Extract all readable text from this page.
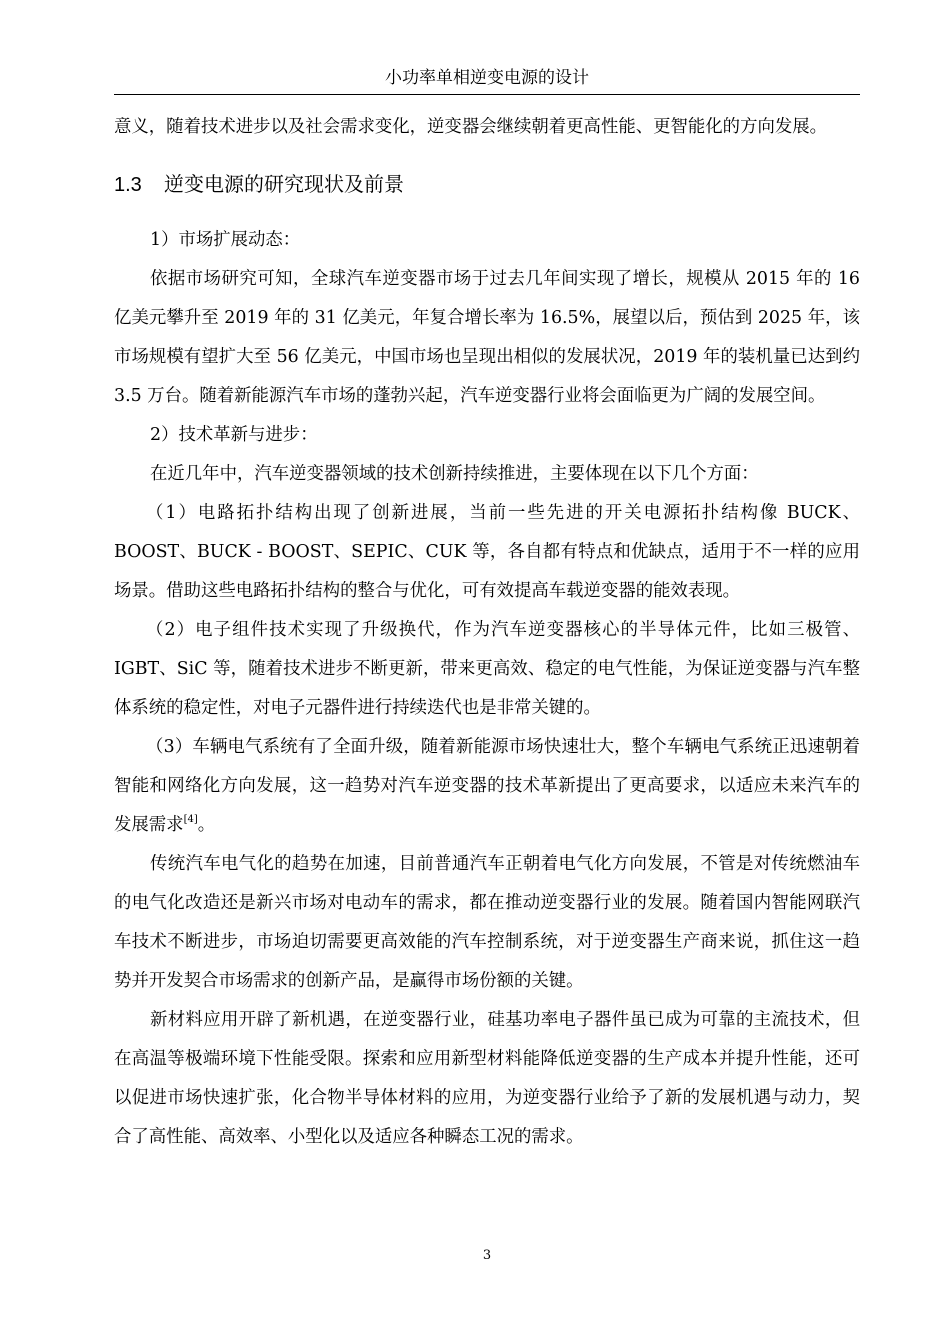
小功率单相逆变电源的设计

意义，随着技术进步以及社会需求变化，逆变器会继续朝着更高性能、更智能化的方向发展。

1.3 逆变电源的研究现状及前景

1）市场扩展动态：

依据市场研究可知，全球汽车逆变器市场于过去几年间实现了增长，规模从 2015 年的 16 亿美元攀升至 2019 年的 31 亿美元，年复合增长率为 16.5%，展望以后，预估到 2025 年，该市场规模有望扩大至 56 亿美元，中国市场也呈现出相似的发展状况，2019 年的装机量已达到约 3.5 万台。随着新能源汽车市场的蓬勃兴起，汽车逆变器行业将会面临更为广阔的发展空间。

2）技术革新与进步：

在近几年中，汽车逆变器领域的技术创新持续推进，主要体现在以下几个方面：

（1）电路拓扑结构出现了创新进展，当前一些先进的开关电源拓扑结构像 BUCK、BOOST、BUCK - BOOST、SEPIC、CUK 等，各自都有特点和优缺点，适用于不一样的应用场景。借助这些电路拓扑结构的整合与优化，可有效提高车载逆变器的能效表现。

（2）电子组件技术实现了升级换代，作为汽车逆变器核心的半导体元件，比如三极管、IGBT、SiC 等，随着技术进步不断更新，带来更高效、稳定的电气性能，为保证逆变器与汽车整体系统的稳定性，对电子元器件进行持续迭代也是非常关键的。

（3）车辆电气系统有了全面升级，随着新能源市场快速壮大，整个车辆电气系统正迅速朝着智能和网络化方向发展，这一趋势对汽车逆变器的技术革新提出了更高要求，以适应未来汽车的发展需求[4]。

传统汽车电气化的趋势在加速，目前普通汽车正朝着电气化方向发展，不管是对传统燃油车的电气化改造还是新兴市场对电动车的需求，都在推动逆变器行业的发展。随着国内智能网联汽车技术不断进步，市场迫切需要更高效能的汽车控制系统，对于逆变器生产商来说，抓住这一趋势并开发契合市场需求的创新产品，是赢得市场份额的关键。

新材料应用开辟了新机遇，在逆变器行业，硅基功率电子器件虽已成为可靠的主流技术，但在高温等极端环境下性能受限。探索和应用新型材料能降低逆变器的生产成本并提升性能，还可以促进市场快速扩张，化合物半导体材料的应用，为逆变器行业给予了新的发展机遇与动力，契合了高性能、高效率、小型化以及适应各种瞬态工况的需求。

3
